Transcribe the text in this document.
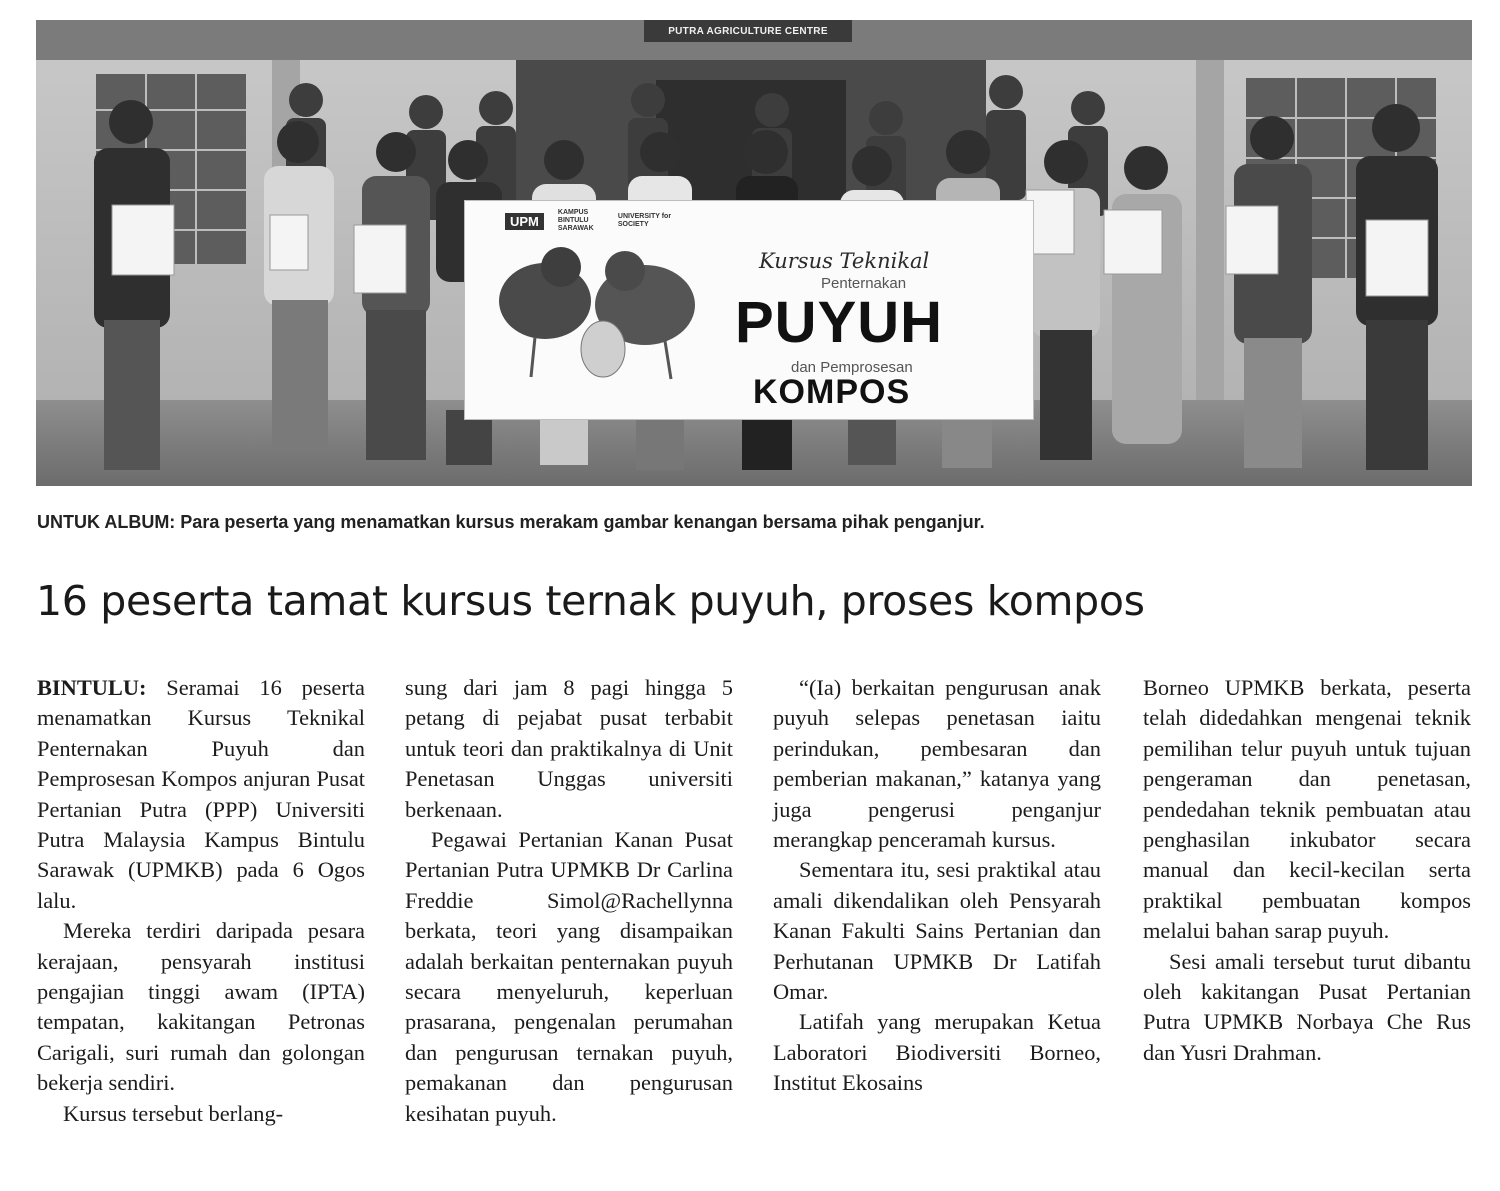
PUTRA AGRICULTURE CENTRE
UPM
KAMPUS BINTULU SARAWAK
UNIVERSITY for SOCIETY
Kursus Teknikal
Penternakan
PUYUH
dan Pemprosesan
KOMPOS
UNTUK ALBUM: Para peserta yang menamatkan kursus merakam gambar kenangan bersama pihak penganjur.
16 peserta tamat kursus ternak puyuh, proses kompos

BINTULU: Seramai 16 peserta menamatkan Kursus Teknikal Penternakan Puyuh dan Pemprosesan Kompos anjuran Pusat Pertanian Putra (PPP) Universiti Putra Malaysia Kampus Bintulu Sarawak (UPMKB) pada 6 Ogos lalu.

Mereka terdiri daripada pesara kerajaan, pensyarah institusi pengajian tinggi awam (IPTA) tempatan, kakitangan Petronas Carigali, suri rumah dan golongan bekerja sendiri.

Kursus tersebut berlang-

sung dari jam 8 pagi hingga 5 petang di pejabat pusat terbabit untuk teori dan praktikalnya di Unit Penetasan Unggas universiti berkenaan.

Pegawai Pertanian Kanan Pusat Pertanian Putra UPMKB Dr Carlina Freddie Simol@Rachellynna berkata, teori yang disampaikan adalah berkaitan penternakan puyuh secara menyeluruh, keperluan prasarana, pengenalan perumahan dan pengurusan ternakan puyuh, pemakanan dan pengurusan kesihatan puyuh.

“(Ia) berkaitan pengurusan anak puyuh selepas penetasan iaitu perindukan, pembesaran dan pemberian makanan,” katanya yang juga pengerusi penganjur merangkap penceramah kursus.

Sementara itu, sesi praktikal atau amali dikendalikan oleh Pensyarah Kanan Fakulti Sains Pertanian dan Perhutanan UPMKB Dr Latifah Omar.

Latifah yang merupakan Ketua Laboratori Biodiversiti Borneo, Institut Ekosains

Borneo UPMKB berkata, peserta telah didedahkan mengenai teknik pemilihan telur puyuh untuk tujuan pengeraman dan penetasan, pendedahan teknik pembuatan atau penghasilan inkubator secara manual dan kecil-kecilan serta praktikal pembuatan kompos melalui bahan sarap puyuh.

Sesi amali tersebut turut dibantu oleh kakitangan Pusat Pertanian Putra UPMKB Norbaya Che Rus dan Yusri Drahman.
